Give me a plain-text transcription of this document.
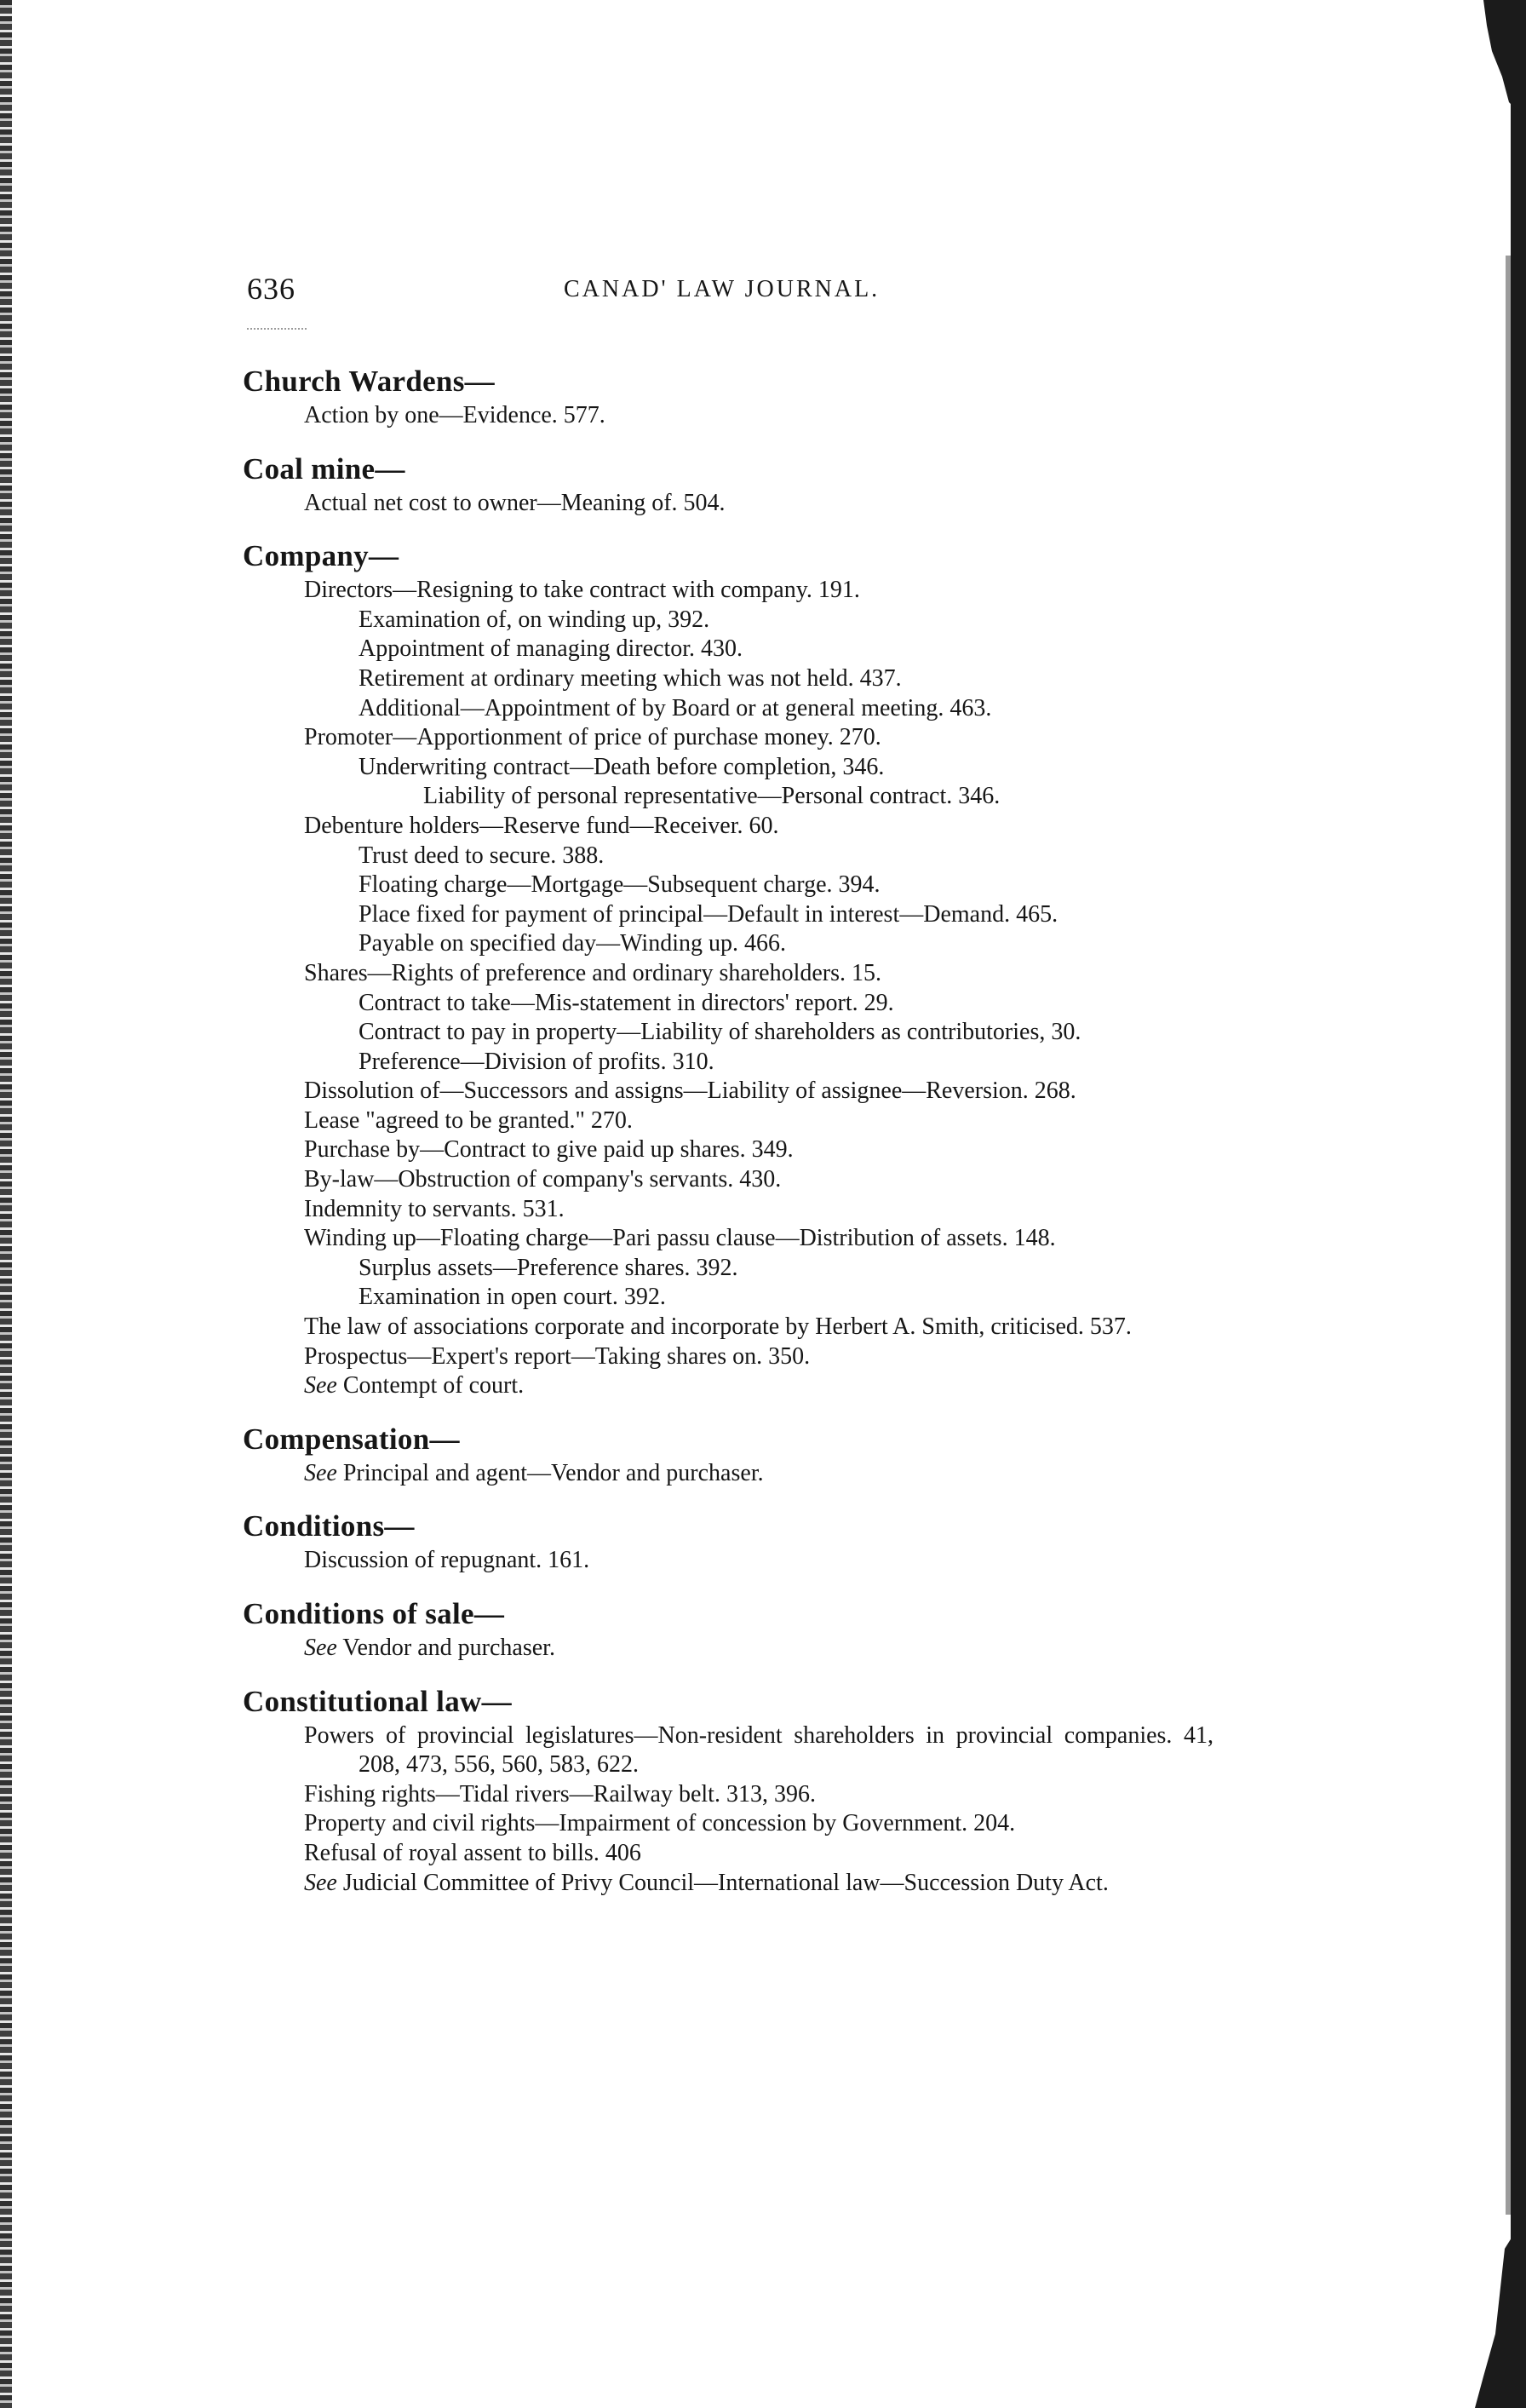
636	CANAD' LAW JOURNAL.

Church Wardens—

Action by one—Evidence. 577.

Coal mine—

Actual net cost to owner—Meaning of. 504.

Company—

Directors—Resigning to take contract with company. 191.
Examination of, on winding up, 392.
Appointment of managing director. 430.
Retirement at ordinary meeting which was not held. 437.
Additional—Appointment of by Board or at general meeting. 463.
Promoter—Apportionment of price of purchase money. 270.
Underwriting contract—Death before completion, 346.
Liability of personal representative—Personal contract. 346.
Debenture holders—Reserve fund—Receiver. 60.
Trust deed to secure. 388.
Floating charge—Mortgage—Subsequent charge. 394.
Place fixed for payment of principal—Default in interest—Demand. 465.
Payable on specified day—Winding up. 466.
Shares—Rights of preference and ordinary shareholders. 15.
Contract to take—Mis-statement in directors' report. 29.
Contract to pay in property—Liability of shareholders as contributories, 30.
Preference—Division of profits. 310.
Dissolution of—Successors and assigns—Liability of assignee—Reversion. 268.
Lease "agreed to be granted." 270.
Purchase by—Contract to give paid up shares. 349.
By-law—Obstruction of company's servants. 430.
Indemnity to servants. 531.
Winding up—Floating charge—Pari passu clause—Distribution of assets. 148.
Surplus assets—Preference shares. 392.
Examination in open court. 392.
The law of associations corporate and incorporate by Herbert A. Smith, criticised. 537.
Prospectus—Expert's report—Taking shares on. 350.
See Contempt of court.

Compensation—

See Principal and agent—Vendor and purchaser.

Conditions—

Discussion of repugnant. 161.

Conditions of sale—

See Vendor and purchaser.

Constitutional law—

Powers of provincial legislatures—Non-resident shareholders in provincial companies. 41, 208, 473, 556, 560, 583, 622.
Fishing rights—Tidal rivers—Railway belt. 313, 396.
Property and civil rights—Impairment of concession by Government. 204.
Refusal of royal assent to bills. 406
See Judicial Committee of Privy Council—International law—Succession Duty Act.
